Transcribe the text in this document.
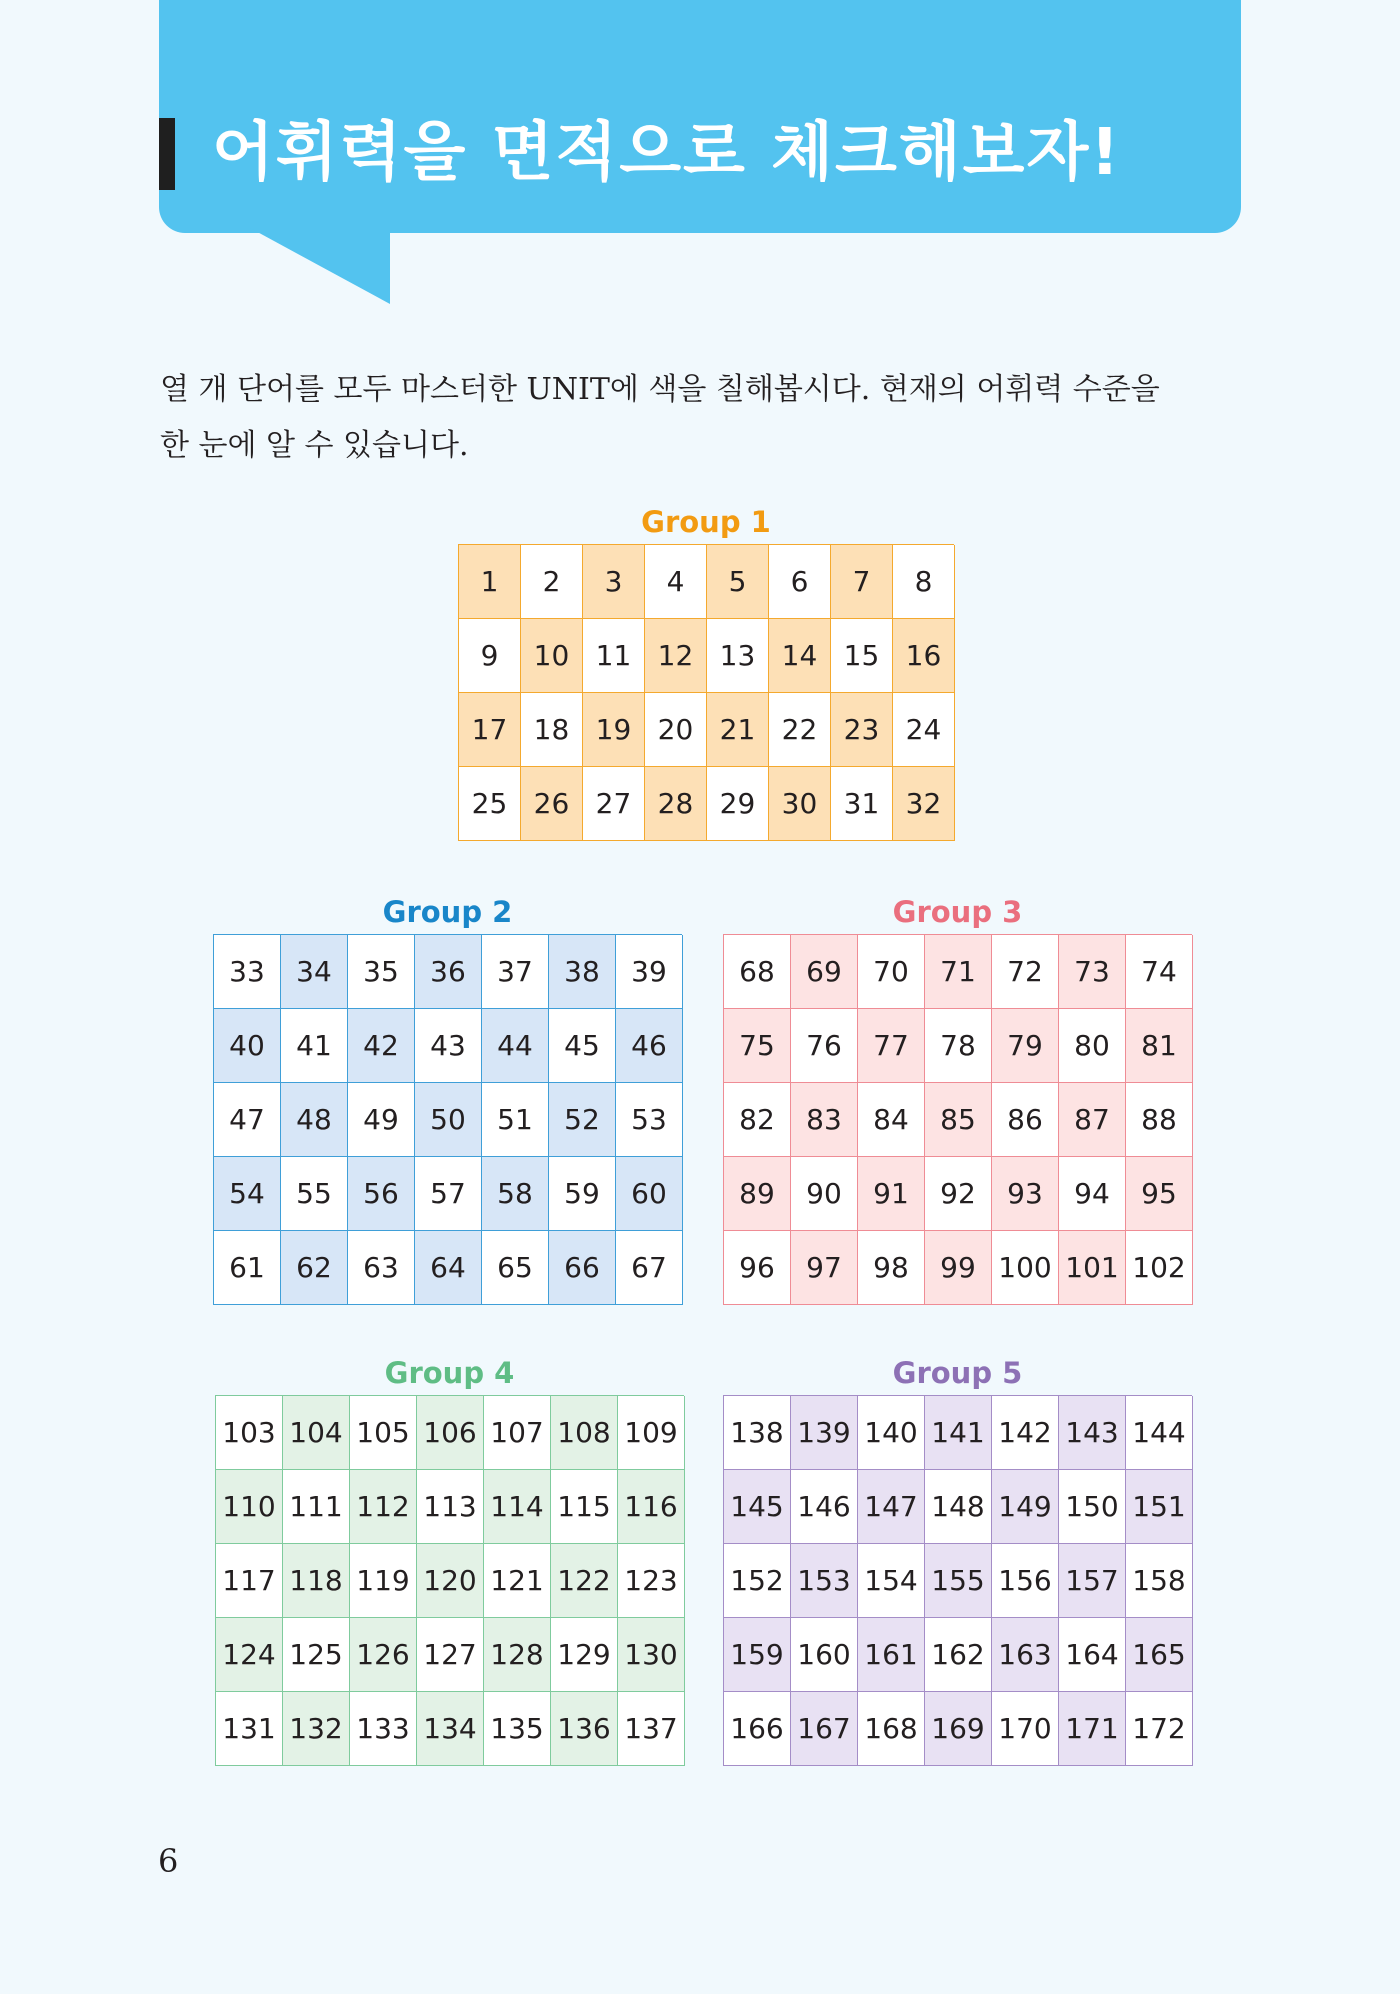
어휘력을 면적으로 체크해보자!
열 개 단어를 모두 마스터한 UNIT에 색을 칠해봅시다. 현재의 어휘력 수준을
한 눈에 알 수 있습니다.
Group 1
1	2	3	4	5	6	7	8
9	10 11 12 13 14 15 16
17 18 19 20 21 22 23 24
25 26 27 28 29 30 31 32
Group 2
33	34	35	36	37	38	39
40	41	42	43	44	45	46
47	48	49	50	51	52	53
54	55	56	57	58	59	60
61	62	63	64	65	66	67
Group 3
68	69	70	71	72	73	74
75	76	77	78	79	80	81
82	83	84	85	86	87	88
89	90	91	92	93	94	95
96	97	98	99 100 101 102
Group 4
103 104 105 106 107 108 109
110 111 112 113 114 115 116
117 118 119 120 121 122 123
124 125 126 127 128 129 130
131 132 133 134 135 136 137
Group 5
138 139 140 141 142 143 144
145 146 147 148 149 150 151
152 153 154 155 156 157 158
159 160 161 162 163 164 165
166 167 168 169 170 171 172
6
